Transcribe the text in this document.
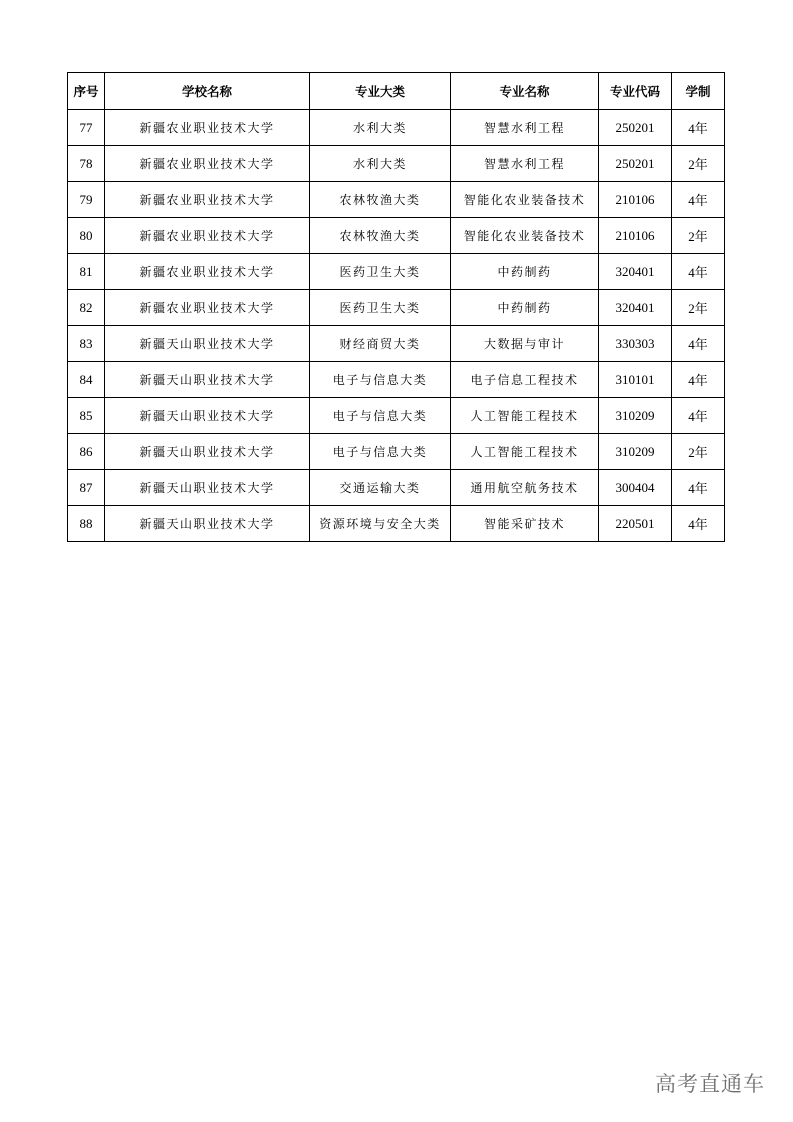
序号	学校名称	专业大类	专业名称	专业代码	学制
77	新疆农业职业技术大学	水利大类	智慧水利工程	250201	4年
78	新疆农业职业技术大学	水利大类	智慧水利工程	250201	2年
79	新疆农业职业技术大学	农林牧渔大类	智能化农业装备技术	210106	4年
80	新疆农业职业技术大学	农林牧渔大类	智能化农业装备技术	210106	2年
81	新疆农业职业技术大学	医药卫生大类	中药制药	320401	4年
82	新疆农业职业技术大学	医药卫生大类	中药制药	320401	2年
83	新疆天山职业技术大学	财经商贸大类	大数据与审计	330303	4年
84	新疆天山职业技术大学	电子与信息大类	电子信息工程技术	310101	4年
85	新疆天山职业技术大学	电子与信息大类	人工智能工程技术	310209	4年
86	新疆天山职业技术大学	电子与信息大类	人工智能工程技术	310209	2年
87	新疆天山职业技术大学	交通运输大类	通用航空航务技术	300404	4年
88	新疆天山职业技术大学	资源环境与安全大类	智能采矿技术	220501	4年
高考直通车
